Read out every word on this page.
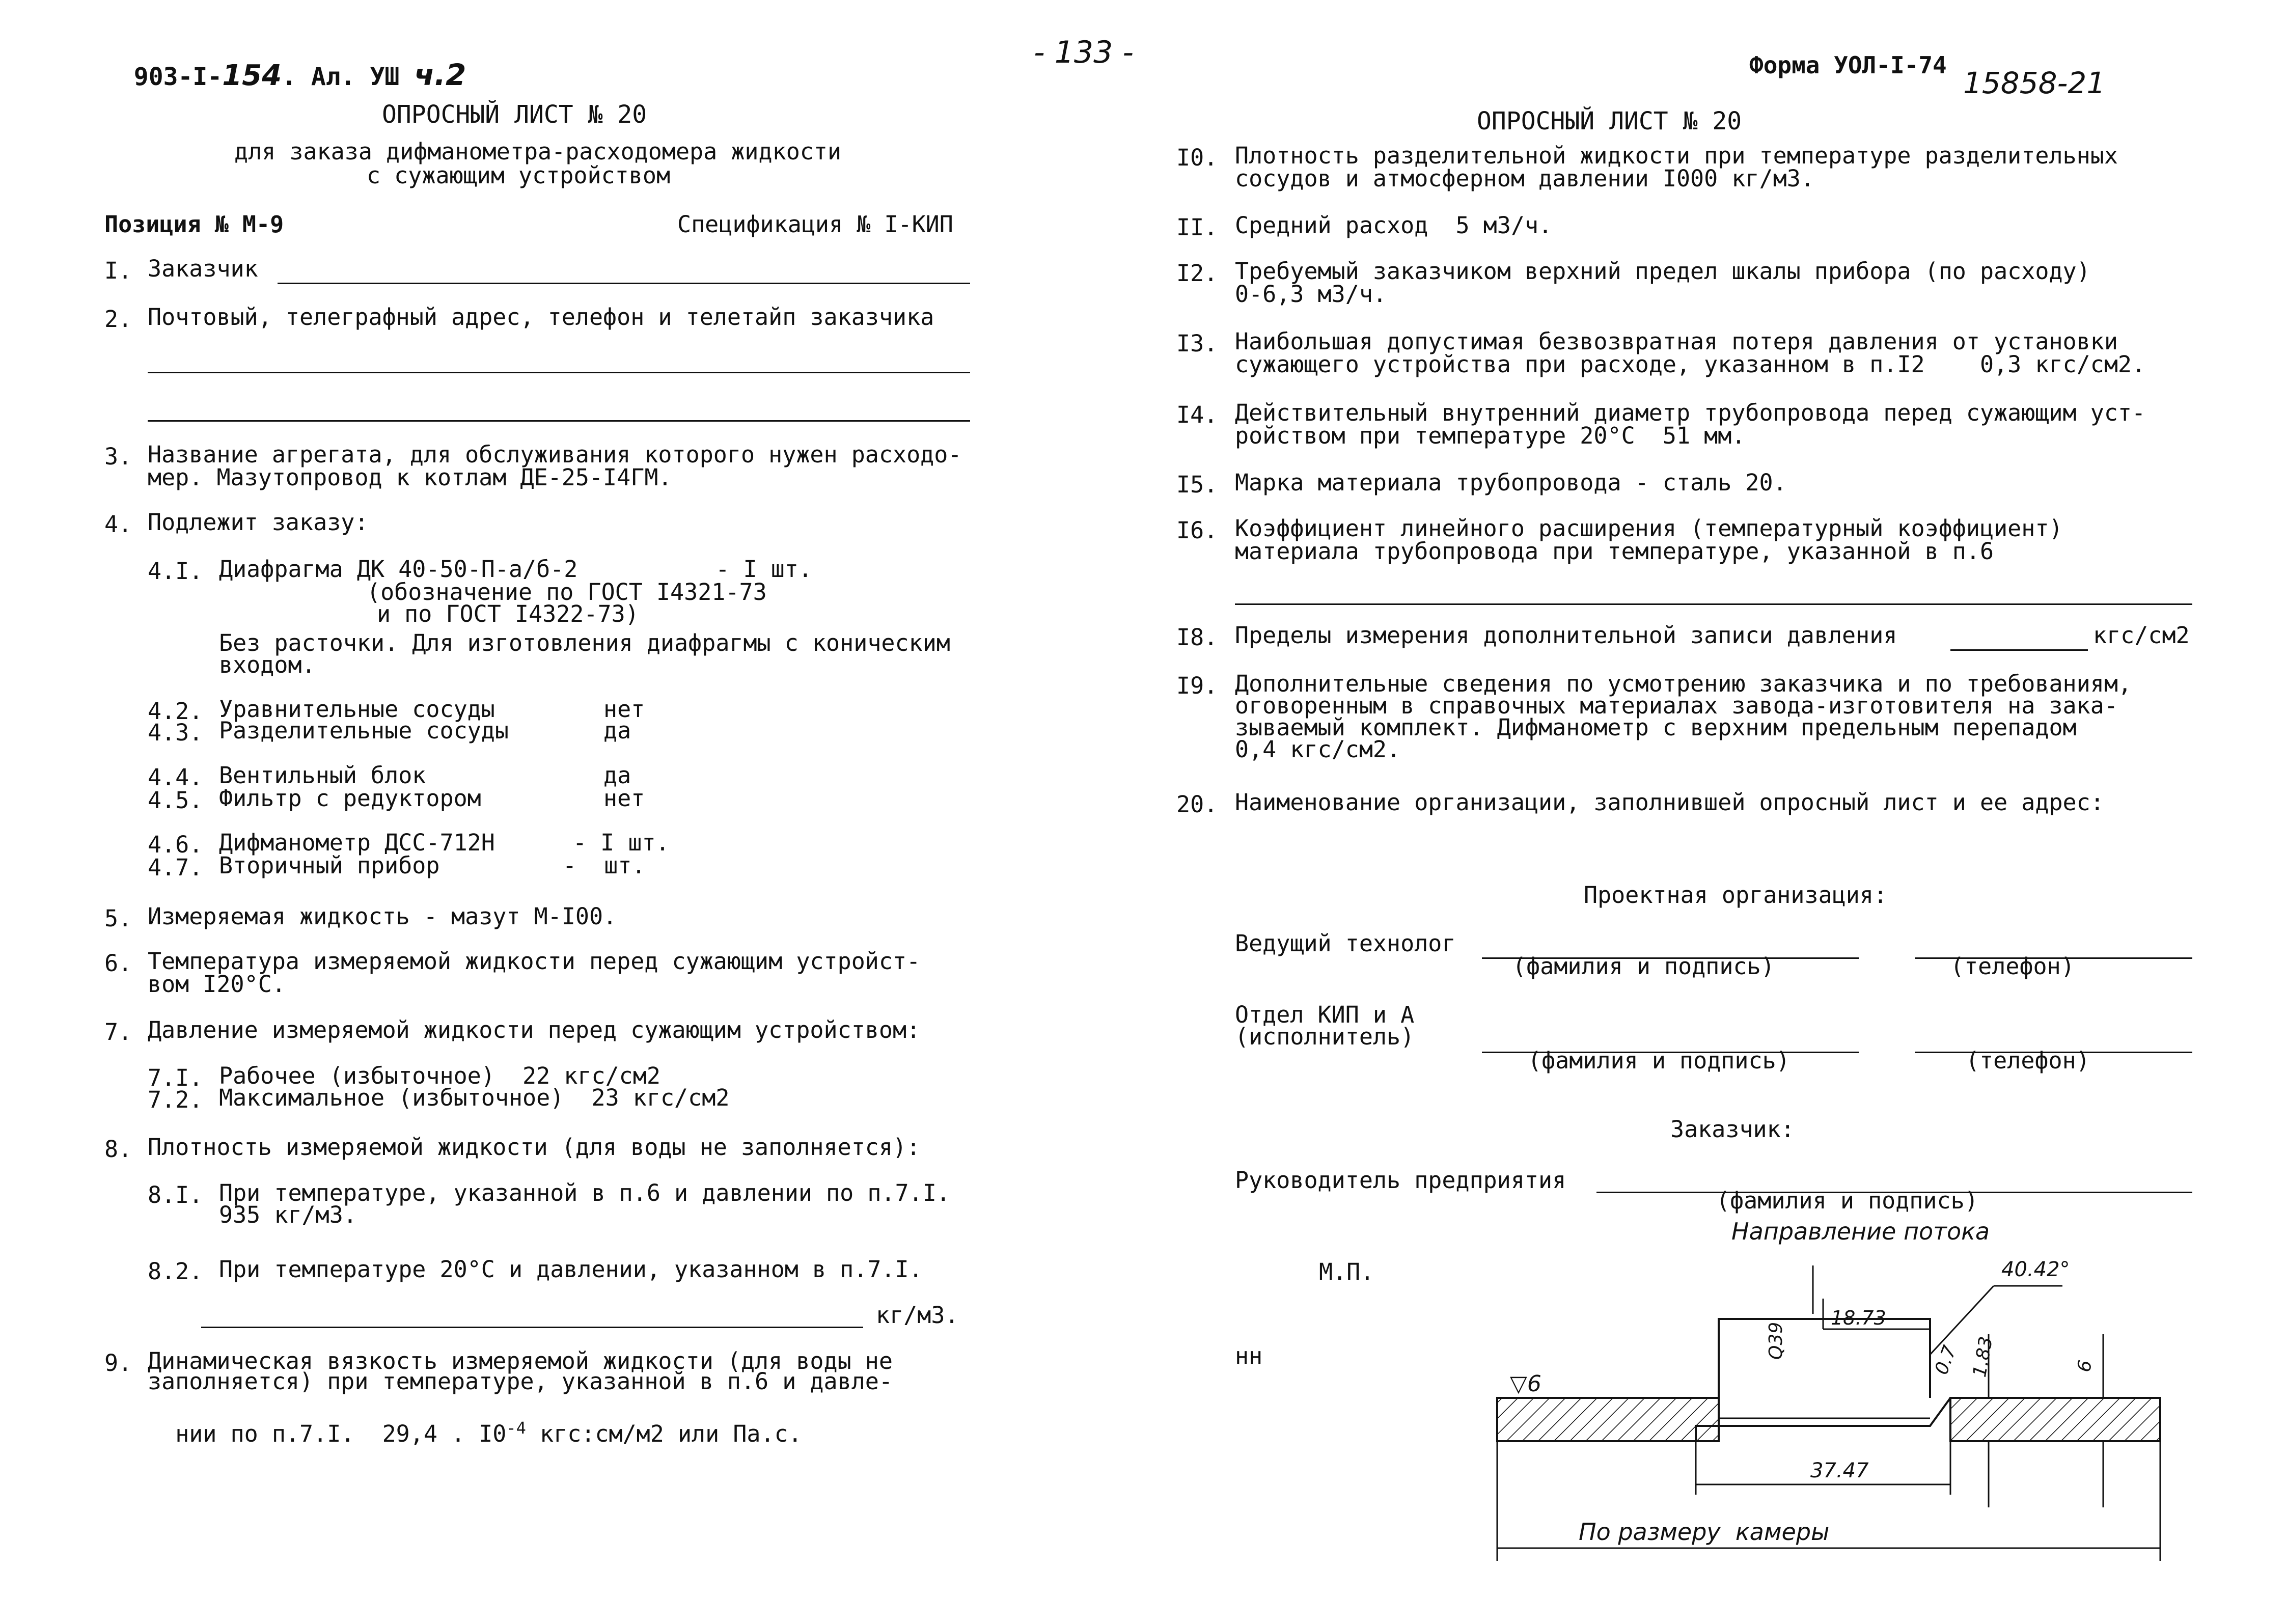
903-I-154. Ал. УШ ч.2

- 133 -	Форма УОЛ-I-74
15858-21
ОПРОСНЫЙ ЛИСТ № 20
для заказа дифманометра-расходомера жидкости
с сужающим устройством
Позиция № М-9	Спецификация № I-КИП
I. Заказчик
2. Почтовый, телеграфный адрес, телефон и телетайп заказчика
3. Название агрегата, для обслуживания которого нужен расходо-
мер. Мазутопровод к котлам ДЕ-25-I4ГМ.
4. Подлежит заказу:
4.I. Диафрагма ДК 40-50-П-а/б-2          - I шт.
(обозначение по ГОСТ I4321-73
и по ГОСТ I4322-73)
Без расточки. Для изготовления диафрагмы с коническим
входом.
4.2. Уравнительные сосуды	нет
4.3. Разделительные сосуды	да
4.4. Вентильный блок	да
4.5. Фильтр с редуктором	нет
4.6. Дифманометр ДСС-712Н	- I шт.
4.7. Вторичный прибор	-  шт.
5. Измеряемая жидкость - мазут М-I00.
6. Температура измеряемой жидкости перед сужающим устройст-
вом I20°С.
7. Давление измеряемой жидкости перед сужающим устройством:
7.I. Рабочее (избыточное)  22 кгс/см2
7.2. Максимальное (избыточное)  23 кгс/см2
8. Плотность измеряемой жидкости (для воды не заполняется):
8.I. При температуре, указанной в п.6 и давлении по п.7.I.
935 кг/м3.
8.2. При температуре 20°С и давлении, указанном в п.7.I.
кг/м3.
9. Динамическая вязкость измеряемой жидкости (для воды не
заполняется) при температуре, указанной в п.6 и давле-

нии по п.7.I.  29,4 . $I0^{-4}$ кгс:см/м2 или Па.с.

ОПРОСНЫЙ ЛИСТ № 20
I0. Плотность разделительной жидкости при температуре разделительных
сосудов и атмосферном давлении I000 кг/м3.
II. Средний расход  5 м3/ч.
I2. Требуемый заказчиком верхний предел шкалы прибора (по расходу)
0-6,3 м3/ч.
I3. Наибольшая допустимая безвозвратная потеря давления от установки
сужающего устройства при расходе, указанном в п.I2    0,3 кгс/см2.
I4. Действительный внутренний диаметр трубопровода перед сужающим уст-
ройством при температуре 20°С  51 мм.
I5. Марка материала трубопровода - сталь 20.
I6. Коэффициент линейного расширения (температурный коэффициент)
материала трубопровода при температуре, указанной в п.6
I8. Пределы измерения дополнительной записи давления	кгс/см2
I9. Дополнительные сведения по усмотрению заказчика и по требованиям,
оговоренным в справочных материалах завода-изготовителя на зака-
зываемый комплект. Дифманометр с верхним предельным перепадом
0,4 кгс/см2.
20. Наименование организации, заполнившей опросный лист и ее адрес:
Проектная организация:
Ведущий технолог
(фамилия и подпись)	(телефон)
Отдел КИП и А
(исполнитель)
(фамилия и подпись)	(телефон)
Заказчик:
Руководитель предприятия
(фамилия и подпись)
М.П.
нн
Направление потока
40.42°
18.73
37.47
Q39
0.7 1.83	6
▽6
По размеру  камеры
